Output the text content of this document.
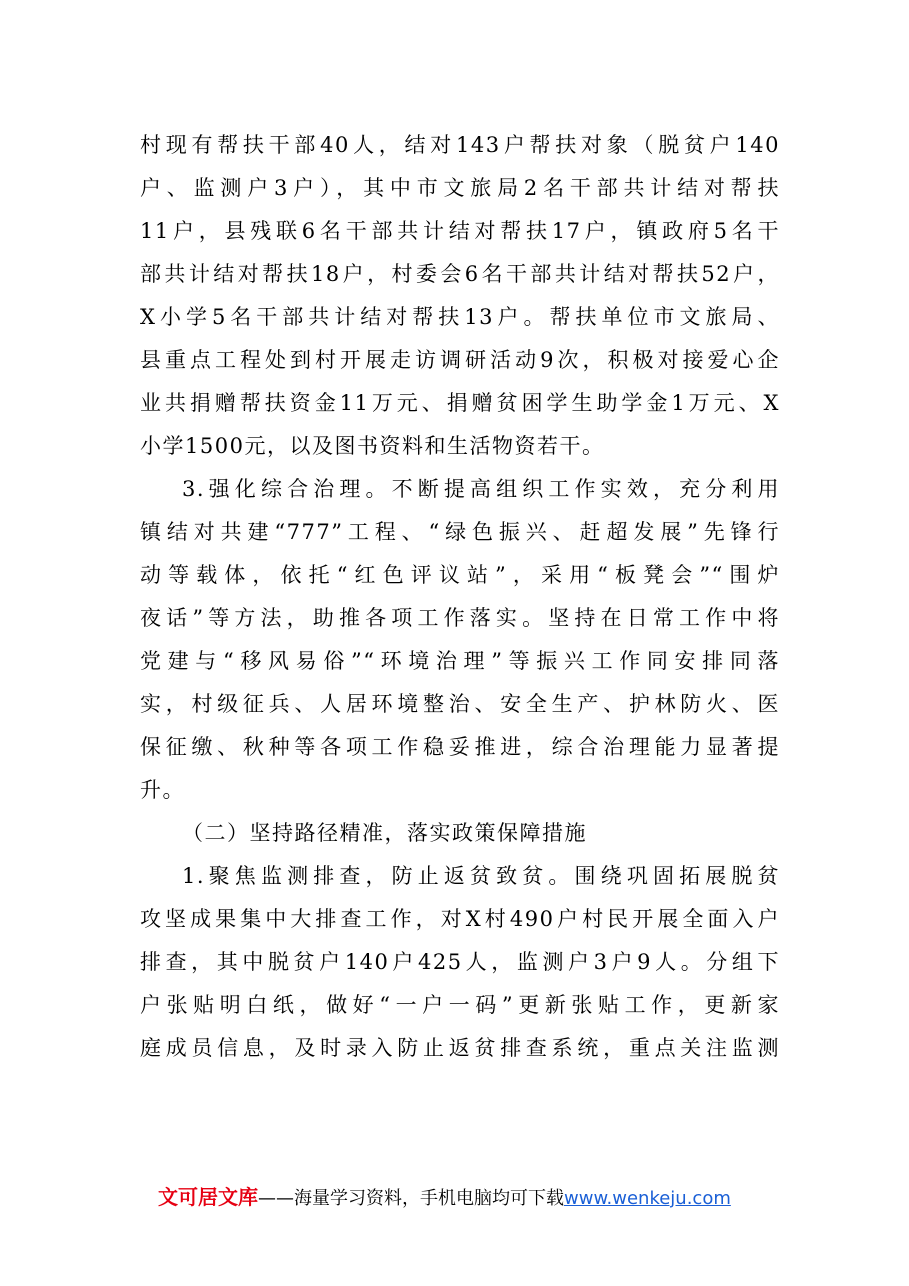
村现有帮扶干部40人，结对143户帮扶对象（脱贫户140
户、监测户3户），其中市文旅局2名干部共计结对帮扶
11户，县残联6名干部共计结对帮扶17户，镇政府5名干
部共计结对帮扶18户，村委会6名干部共计结对帮扶52户，
X小学5名干部共计结对帮扶13户。帮扶单位市文旅局、
县重点工程处到村开展走访调研活动9次，积极对接爱心企
业共捐赠帮扶资金11万元、捐赠贫困学生助学金1万元、X
小学1500元，以及图书资料和生活物资若干。
3.强化综合治理。不断提高组织工作实效，充分利用
镇结对共建“777”工程、“绿色振兴、赶超发展”先锋行
动等载体，依托“红色评议站”，采用“板凳会”“围炉
夜话”等方法，助推各项工作落实。坚持在日常工作中将
党建与“移风易俗”“环境治理”等振兴工作同安排同落
实，村级征兵、人居环境整治、安全生产、护林防火、医
保征缴、秋种等各项工作稳妥推进，综合治理能力显著提
升。
（二）坚持路径精准，落实政策保障措施
1.聚焦监测排查，防止返贫致贫。围绕巩固拓展脱贫
攻坚成果集中大排查工作，对X村490户村民开展全面入户
排查，其中脱贫户140户425人，监测户3户9人。分组下
户张贴明白纸，做好“一户一码”更新张贴工作，更新家
庭成员信息，及时录入防止返贫排查系统，重点关注监测
文可居文库——海量学习资料，手机电脑均可下载www.wenkeju.com
